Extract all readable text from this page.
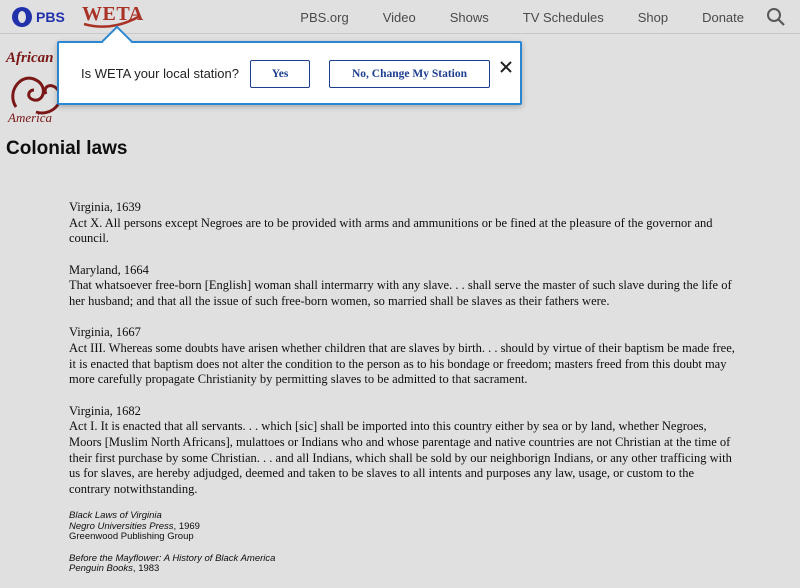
PBS WETA	PBS.org	Video	Shows	TV Schedules	Shop	Donate
African
America
Colonial laws
Virginia, 1639
Act X. All persons except Negroes are to be provided with arms and ammunitions or be fined at the pleasure of the governor and council.
Maryland, 1664
That whatsoever free-born [English] woman shall intermarry with any slave. . . shall serve the master of such slave during the life of her husband; and that all the issue of such free-born women, so married shall be slaves as their fathers were.
Virginia, 1667
Act III. Whereas some doubts have arisen whether children that are slaves by birth. . . should by virtue of their baptism be made free, it is enacted that baptism does not alter the condition to the person as to his bondage or freedom; masters freed from this doubt may more carefully propagate Christianity by permitting slaves to be admitted to that sacrament.
Virginia, 1682
Act I. It is enacted that all servants. . . which [sic] shall be imported into this country either by sea or by land, whether Negroes, Moors [Muslim North Africans], mulattoes or Indians who and whose parentage and native countries are not Christian at the time of their first purchase by some Christian. . . and all Indians, which shall be sold by our neighborign Indians, or any other trafficing with us for slaves, are hereby adjudged, deemed and taken to be slaves to all intents and purposes any law, usage, or custom to the contrary notwithstanding.
Black Laws of Virginia
Negro Universities Press, 1969
Greenwood Publishing Group
Before the Mayflower: A History of Black America
Penguin Books, 1983
Is WETA your local station?	Yes	No, Change My Station
